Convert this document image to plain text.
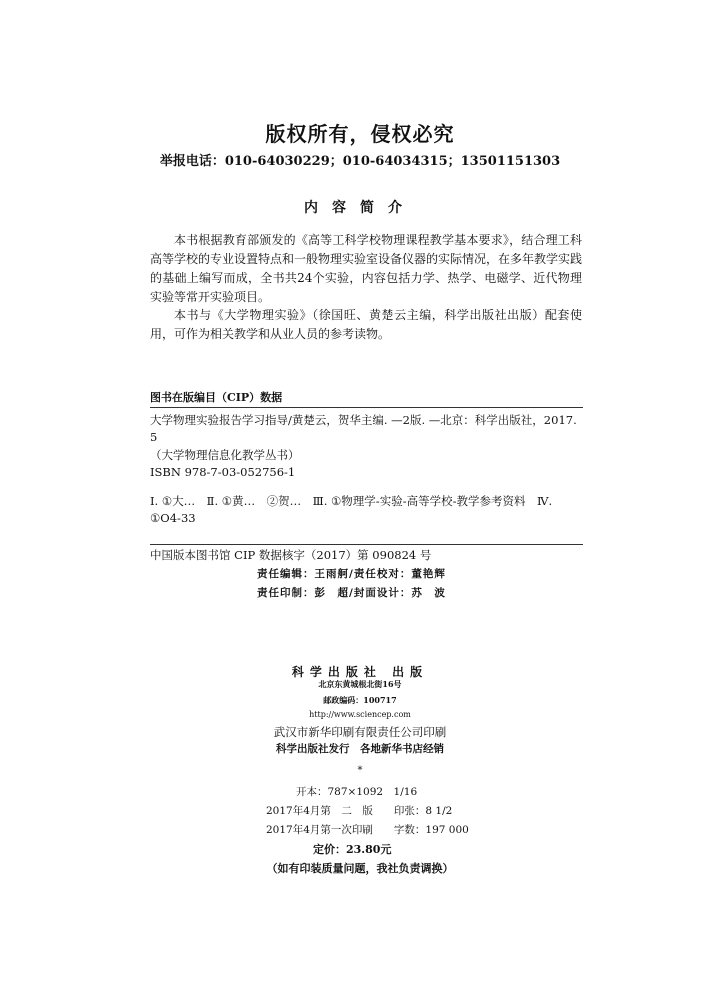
版权所有，侵权必究
举报电话：010-64030229；010-64034315；13501151303
内容简介
本书根据教育部颁发的《高等工科学校物理课程教学基本要求》，结合理工科高等学校的专业设置特点和一般物理实验室设备仪器的实际情况，在多年教学实践的基础上编写而成，全书共24个实验，内容包括力学、热学、电磁学、近代物理实验等常开实验项目。
本书与《大学物理实验》（徐国旺、黄楚云主编，科学出版社出版）配套使用，可作为相关教学和从业人员的参考读物。
图书在版编目（CIP）数据
大学物理实验报告学习指导/黄楚云，贺华主编. —2版. —北京：科学出版社，2017. 5
（大学物理信息化教学丛书）
ISBN 978-7-03-052756-1
Ⅰ. ①大…　Ⅱ. ①黄…　②贺…　Ⅲ. ①物理学-实验-高等学校-教学参考资料　Ⅳ. ①O4-33
中国版本图书馆 CIP 数据核字（2017）第 090824 号
责任编辑：王雨舸/责任校对：董艳辉
责任印制：彭　超/封面设计：苏　波
科学出版社 出版
北京东黄城根北街16号
邮政编码：100717
http://www.sciencep.com
武汉市新华印刷有限责任公司印刷
科学出版社发行　各地新华书店经销
*
开本：787×1092　1/16
2017年4月第　二　版　　印张：8 1/2
2017年4月第一次印刷　　字数：197 000
定价：23.80元
（如有印装质量问题，我社负责调换）
